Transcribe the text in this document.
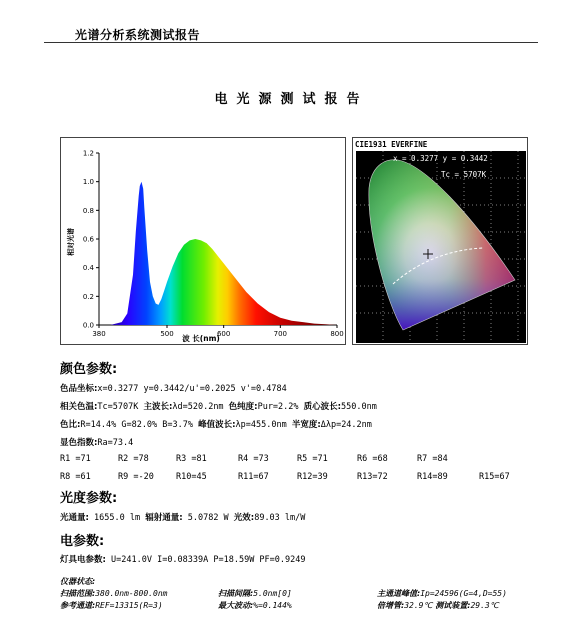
光谱分析系统测试报告
电光源测试报告
380	500	600	700	800
0.0
0.2
0.4
0.6
0.8
1.0
1.2
相对光谱
波 长(nm)
CIE1931 EVERFINE
x = 0.3277 y = 0.3442
Tc = 5707K
颜色参数:
色品坐标:x=0.3277 y=0.3442/u'=0.2025 v'=0.4784
相关色温:Tc=5707K 主波长:λd=520.2nm 色纯度:Pur=2.2% 质心波长:550.0nm
色比:R=14.4% G=82.0% B=3.7% 峰值波长:λp=455.0nm 半宽度:Δλp=24.2nm
显色指数:Ra=73.4
R1 =71	R2 =78	R3 =81	R4 =73	R5 =71	R6 =68	R7 =84
R8 =61	R9 =-20	R10=45	R11=67	R12=39	R13=72	R14=89	R15=67
光度参数:
光通量: 1655.0 lm 辐射通量: 5.0782 W 光效:89.03 lm/W
电参数:
灯具电参数: U=241.0V I=0.08339A P=18.59W PF=0.9249
仪器状态:
扫描范围:380.0nm-800.0nm	扫描间隔:5.0nm[0]	主通道峰值:Ip=24596(G=4,D=55)
参考通道:REF=13315(R=3)	最大波动:%=0.144%	倍增管:32.9℃ 测试装置:29.3℃
